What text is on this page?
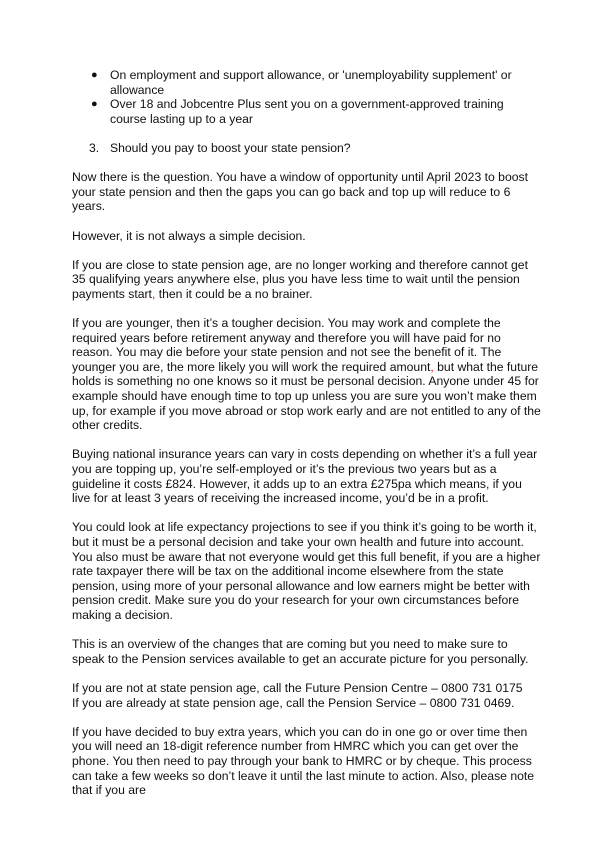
● On employment and support allowance, or 'unemployability supplement' or allowance
● Over 18 and Jobcentre Plus sent you on a government-approved training course lasting up to a year
3. Should you pay to boost your state pension?

Now there is the question. You have a window of opportunity until April 2023 to boost your state pension and then the gaps you can go back and top up will reduce to 6 years.

However, it is not always a simple decision.

If you are close to state pension age, are no longer working and therefore cannot get 35 qualifying years anywhere else, plus you have less time to wait until the pension payments start, then it could be a no brainer.

If you are younger, then it’s a tougher decision. You may work and complete the required years before retirement anyway and therefore you will have paid for no reason. You may die before your state pension and not see the benefit of it. The younger you are, the more likely you will work the required amount, but what the future holds is something no one knows so it must be personal decision. Anyone under 45 for example should have enough time to top up unless you are sure you won’t make them up, for example if you move abroad or stop work early and are not entitled to any of the other credits.

Buying national insurance years can vary in costs depending on whether it’s a full year you are topping up, you’re self-employed or it’s the previous two years but as a guideline it costs £824. However, it adds up to an extra £275pa which means, if you live for at least 3 years of receiving the increased income, you’d be in a profit.

You could look at life expectancy projections to see if you think it’s going to be worth it, but it must be a personal decision and take your own health and future into account. You also must be aware that not everyone would get this full benefit, if you are a higher rate taxpayer there will be tax on the additional income elsewhere from the state pension, using more of your personal allowance and low earners might be better with pension credit. Make sure you do your research for your own circumstances before making a decision.

This is an overview of the changes that are coming but you need to make sure to speak to the Pension services available to get an accurate picture for you personally.

If you are not at state pension age, call the Future Pension Centre – 0800 731 0175
If you are already at state pension age, call the Pension Service – 0800 731 0469.

If you have decided to buy extra years, which you can do in one go or over time then you will need an 18-digit reference number from HMRC which you can get over the phone. You then need to pay through your bank to HMRC or by cheque. This process can take a few weeks so don’t leave it until the last minute to action. Also, please note that if you are
